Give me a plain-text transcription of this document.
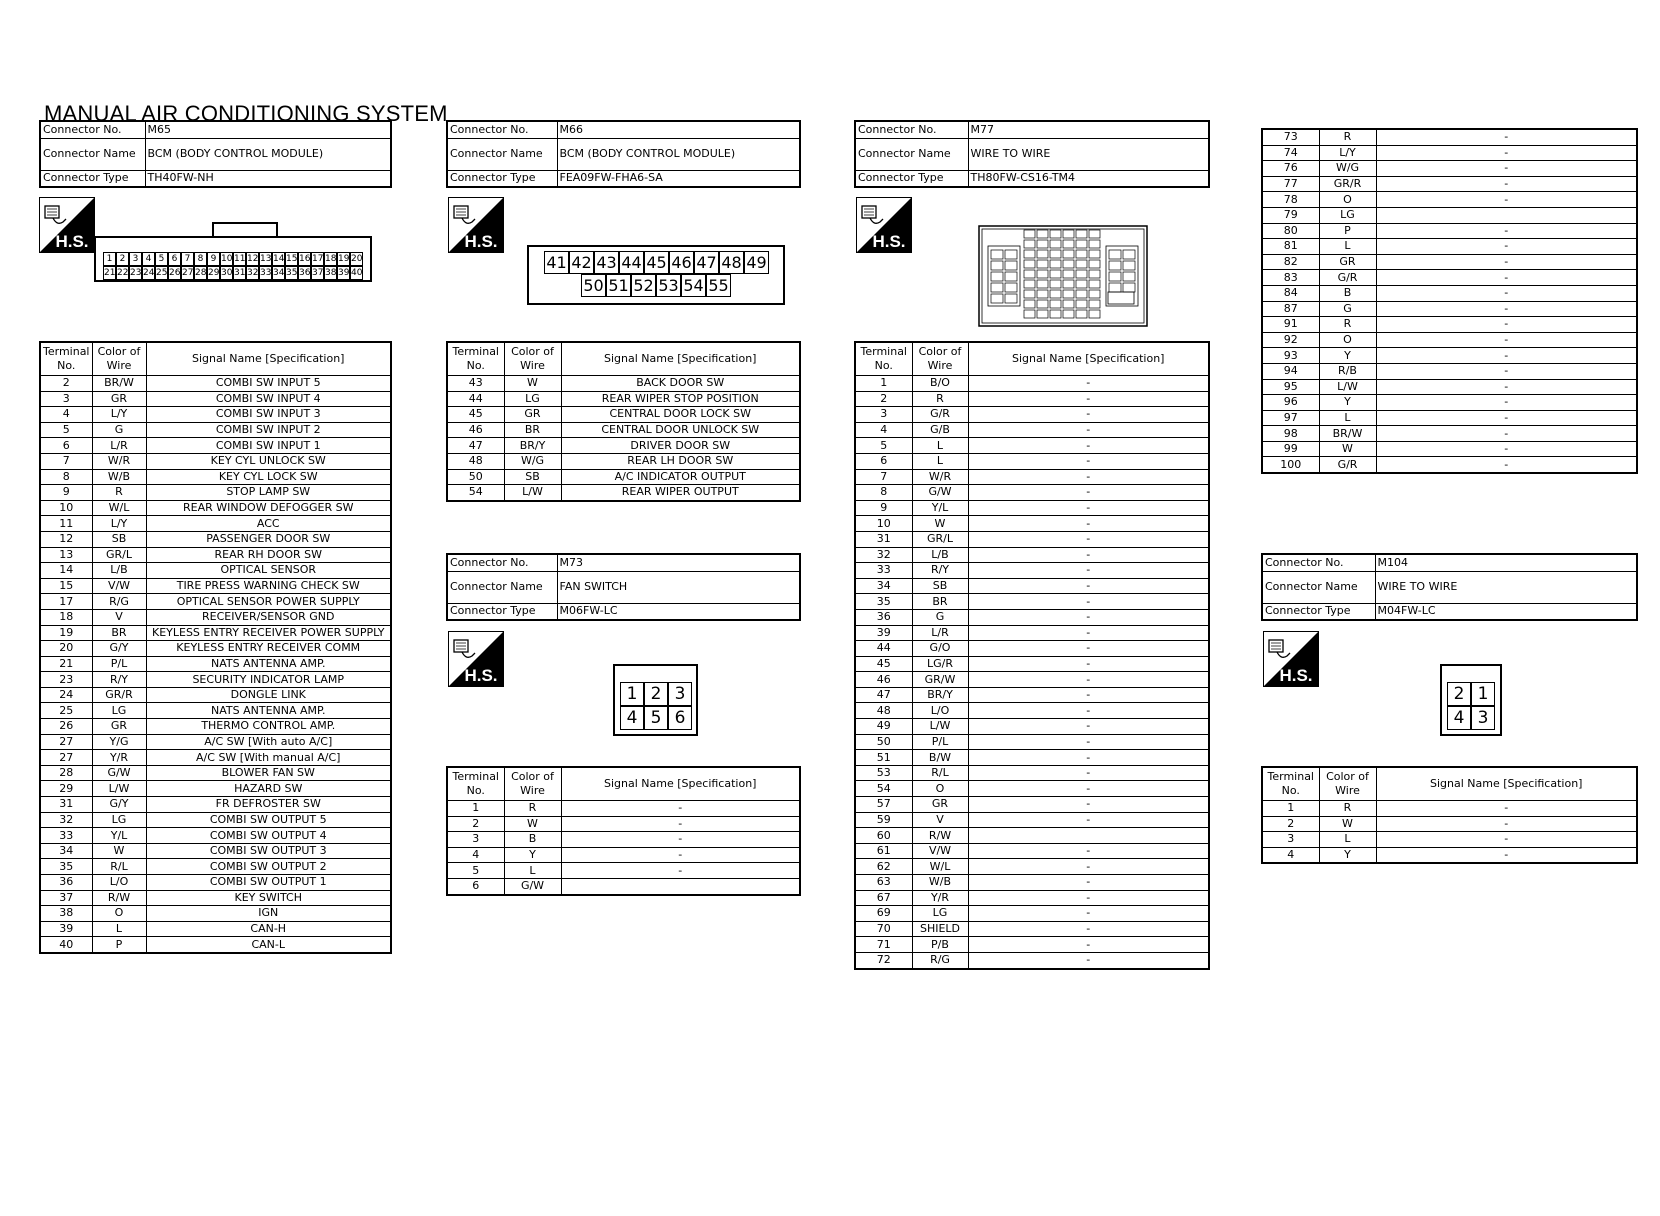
MANUAL AIR CONDITIONING SYSTEM
Connector No.	M65
Connector Name	BCM (BODY CONTROL MODULE)
Connector Type	TH40FW-NH
H.S.
1 2 3 4 5 6 7 8 9 10 11 12 13 14 15 16 17 18 19 20
21 22 23 24 25 26 27 28 29 30 31 32 33 34 35 36 37 38 39 40
Terminal No.	Color of Wire	Signal Name [Specification]
2	BR/W	COMBI SW INPUT 5
3	GR	COMBI SW INPUT 4
4	L/Y	COMBI SW INPUT 3
5	G	COMBI SW INPUT 2
6	L/R	COMBI SW INPUT 1
7	W/R	KEY CYL UNLOCK SW
8	W/B	KEY CYL LOCK SW
9	R	STOP LAMP SW
10	W/L	REAR WINDOW DEFOGGER SW
11	L/Y	ACC
12	SB	PASSENGER DOOR SW
13	GR/L	REAR RH DOOR SW
14	L/B	OPTICAL SENSOR
15	V/W	TIRE PRESS WARNING CHECK SW
17	R/G	OPTICAL SENSOR POWER SUPPLY
18	V	RECEIVER/SENSOR GND
19	BR	KEYLESS ENTRY RECEIVER POWER SUPPLY
20	G/Y	KEYLESS ENTRY RECEIVER COMM
21	P/L	NATS ANTENNA AMP.
23	R/Y	SECURITY INDICATOR LAMP
24	GR/R	DONGLE LINK
25	LG	NATS ANTENNA AMP.
26	GR	THERMO CONTROL AMP.
27	Y/G	A/C SW [With auto A/C]
27	Y/R	A/C SW [With manual A/C]
28	G/W	BLOWER FAN SW
29	L/W	HAZARD SW
31	G/Y	FR DEFROSTER SW
32	LG	COMBI SW OUTPUT 5
33	Y/L	COMBI SW OUTPUT 4
34	W	COMBI SW OUTPUT 3
35	R/L	COMBI SW OUTPUT 2
36	L/O	COMBI SW OUTPUT 1
37	R/W	KEY SWITCH
38	O	IGN
39	L	CAN-H
40	P	CAN-L
Connector No.	M66
Connector Name	BCM (BODY CONTROL MODULE)
Connector Type	FEA09FW-FHA6-SA
H.S.
41 42 43 44 45 46 47 48 49
50 51 52 53 54 55
Terminal No.	Color of Wire	Signal Name [Specification]
43	W	BACK DOOR SW
44	LG	REAR WIPER STOP POSITION
45	GR	CENTRAL DOOR LOCK SW
46	BR	CENTRAL DOOR UNLOCK SW
47	BR/Y	DRIVER DOOR SW
48	W/G	REAR LH DOOR SW
50	SB	A/C INDICATOR OUTPUT
54	L/W	REAR WIPER OUTPUT
Connector No.	M73
Connector Name	FAN SWITCH
Connector Type	M06FW-LC
H.S.
1 2 3
4 5 6
Terminal No.	Color of Wire	Signal Name [Specification]
1	R	-
2	W	-
3	B	-
4	Y	-
5	L	-
6	G/W	
Connector No.	M77
Connector Name	WIRE TO WIRE
Connector Type	TH80FW-CS16-TM4
H.S.
Terminal No.	Color of Wire	Signal Name [Specification]
1	B/O	-
2	R	-
3	G/R	-
4	G/B	-
5	L	-
6	L	-
7	W/R	-
8	G/W	-
9	Y/L	-
10	W	-
31	GR/L	-
32	L/B	-
33	R/Y	-
34	SB	-
35	BR	-
36	G	-
39	L/R	-
44	G/O	-
45	LG/R	-
46	GR/W	-
47	BR/Y	-
48	L/O	-
49	L/W	-
50	P/L	-
51	B/W	-
53	R/L	-
54	O	-
57	GR	-
59	V	-
60	R/W	
61	V/W	-
62	W/L	-
63	W/B	-
67	Y/R	-
69	LG	-
70	SHIELD	-
71	P/B	-
72	R/G	-
73	R	-
74	L/Y	-
76	W/G	-
77	GR/R	-
78	O	-
79	LG	
80	P	-
81	L	-
82	GR	-
83	G/R	-
84	B	-
87	G	-
91	R	-
92	O	-
93	Y	-
94	R/B	-
95	L/W	-
96	Y	-
97	L	-
98	BR/W	-
99	W	-
100	G/R	-
Connector No.	M104
Connector Name	WIRE TO WIRE
Connector Type	M04FW-LC
H.S.
2 1
4 3
Terminal No.	Color of Wire	Signal Name [Specification]
1	R	-
2	W	-
3	L	-
4	Y	-
